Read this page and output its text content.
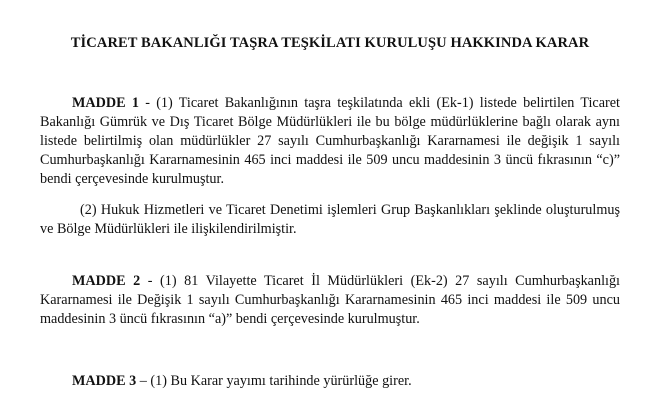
TİCARET BAKANLIĞI TAŞRA TEŞKİLATI KURULUŞU HAKKINDA KARAR

MADDE 1 - (1) Ticaret Bakanlığının taşra teşkilatında ekli (Ek-1) listede belirtilen Ticaret Bakanlığı Gümrük ve Dış Ticaret Bölge Müdürlükleri ile bu bölge müdürlüklerine bağlı olarak aynı listede belirtilmiş olan müdürlükler 27 sayılı Cumhurbaşkanlığı Kararnamesi ile değişik 1 sayılı Cumhurbaşkanlığı Kararnamesinin 465 inci maddesi ile 509 uncu maddesinin 3 üncü fıkrasının “c)” bendi çerçevesinde kurulmuştur.

(2) Hukuk Hizmetleri ve Ticaret Denetimi işlemleri Grup Başkanlıkları şeklinde oluşturulmuş ve Bölge Müdürlükleri ile ilişkilendirilmiştir.

MADDE 2 - (1) 81 Vilayette Ticaret İl Müdürlükleri (Ek-2) 27 sayılı Cumhurbaşkanlığı Kararnamesi ile Değişik 1 sayılı Cumhurbaşkanlığı Kararnamesinin 465 inci maddesi ile 509 uncu maddesinin 3 üncü fıkrasının “a)” bendi çerçevesinde kurulmuştur.

MADDE 3 – (1) Bu Karar yayımı tarihinde yürürlüğe girer.
